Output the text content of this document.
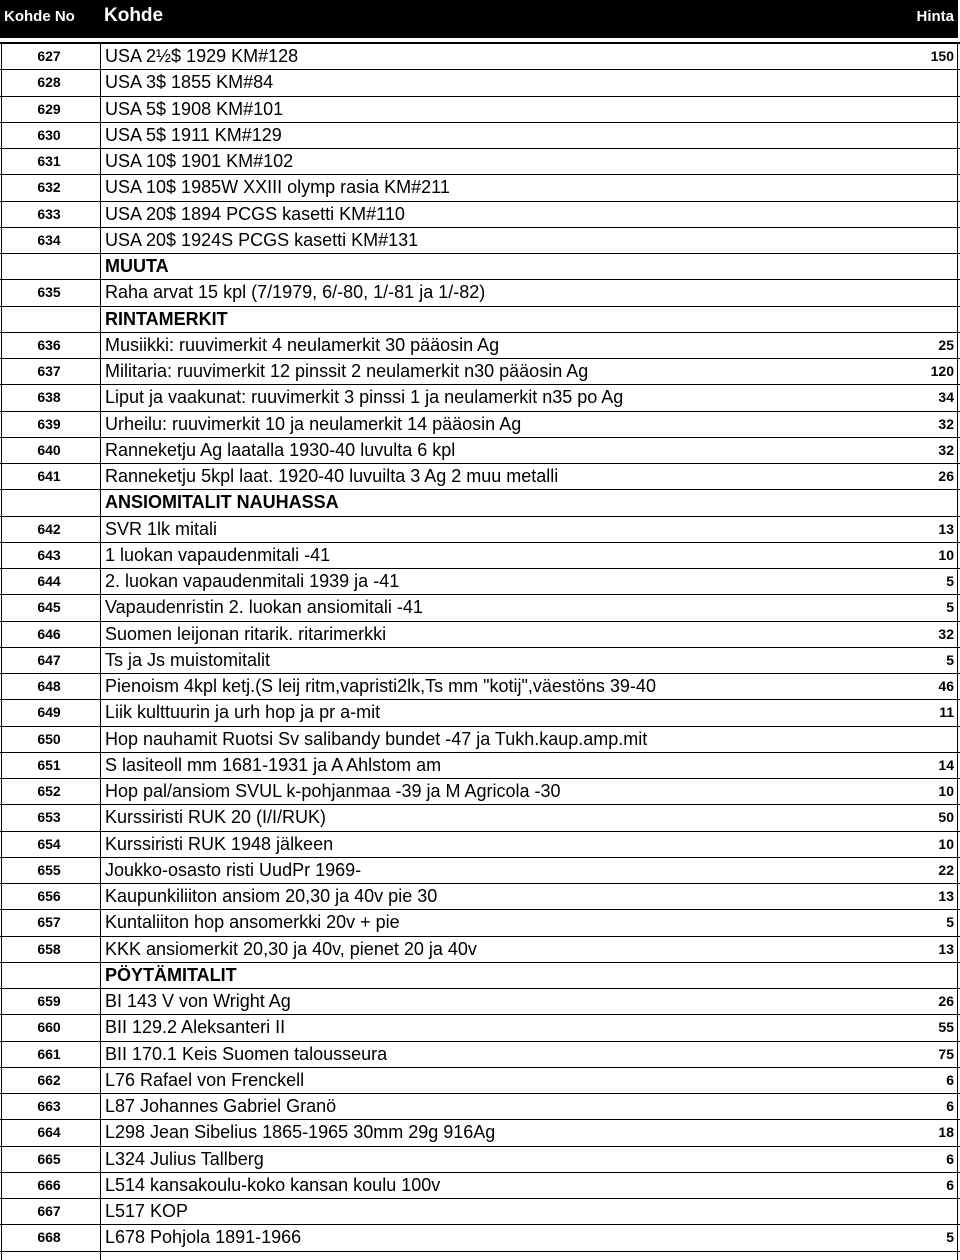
Kohde No Kohde	Hinta
627	USA 2½$ 1929 KM#128	150
628	USA 3$ 1855 KM#84
629	USA 5$ 1908 KM#101
630	USA 5$ 1911 KM#129
631	USA 10$ 1901 KM#102
632	USA 10$ 1985W XXIII olymp rasia KM#211
633	USA 20$ 1894 PCGS kasetti KM#110
634	USA 20$ 1924S PCGS kasetti KM#131
MUUTA
635	Raha arvat 15 kpl (7/1979, 6/-80, 1/-81 ja 1/-82)
RINTAMERKIT
636	Musiikki: ruuvimerkit 4 neulamerkit 30 pääosin Ag	25
637	Militaria: ruuvimerkit 12 pinssit 2 neulamerkit n30 pääosin Ag	120
638	Liput ja vaakunat: ruuvimerkit 3 pinssi 1 ja neulamerkit n35 po Ag	34
639	Urheilu: ruuvimerkit 10 ja neulamerkit 14 pääosin Ag	32
640	Ranneketju Ag laatalla 1930-40 luvulta 6 kpl	32
641	Ranneketju 5kpl laat. 1920-40 luvuilta 3 Ag 2 muu metalli	26
ANSIOMITALIT NAUHASSA
642	SVR 1lk mitali	13
643	1 luokan vapaudenmitali -41	10
644	2. luokan vapaudenmitali 1939 ja -41	5
645	Vapaudenristin 2. luokan ansiomitali -41	5
646	Suomen leijonan ritarik. ritarimerkki	32
647	Ts ja Js muistomitalit	5
648	Pienoism 4kpl ketj.(S leij ritm,vapristi2lk,Ts mm "kotij",väestöns 39-40	46
649	Liik kulttuurin ja urh hop ja pr a-mit	11
650	Hop nauhamit Ruotsi Sv salibandy bundet -47 ja Tukh.kaup.amp.mit
651	S lasiteoll mm 1681-1931 ja A Ahlstom am	14
652	Hop pal/ansiom SVUL k-pohjanmaa -39 ja M Agricola -30	10
653	Kurssiristi RUK 20 (I/I/RUK)	50
654	Kurssiristi RUK 1948 jälkeen	10
655	Joukko-osasto risti UudPr 1969-	22
656	Kaupunkiliiton ansiom 20,30 ja 40v pie 30	13
657	Kuntaliiton hop ansomerkki 20v + pie	5
658	KKK ansiomerkit 20,30 ja 40v, pienet 20 ja 40v	13
PÖYTÄMITALIT
659	BI 143 V von Wright Ag	26
660	BII 129.2 Aleksanteri II	55
661	BII 170.1 Keis Suomen talousseura	75
662	L76 Rafael von Frenckell	6
663	L87 Johannes Gabriel Granö	6
664	L298 Jean Sibelius 1865-1965 30mm 29g 916Ag	18
665	L324 Julius Tallberg	6
666	L514 kansakoulu-koko kansan koulu 100v	6
667	L517 KOP
668	L678 Pohjola 1891-1966	5
